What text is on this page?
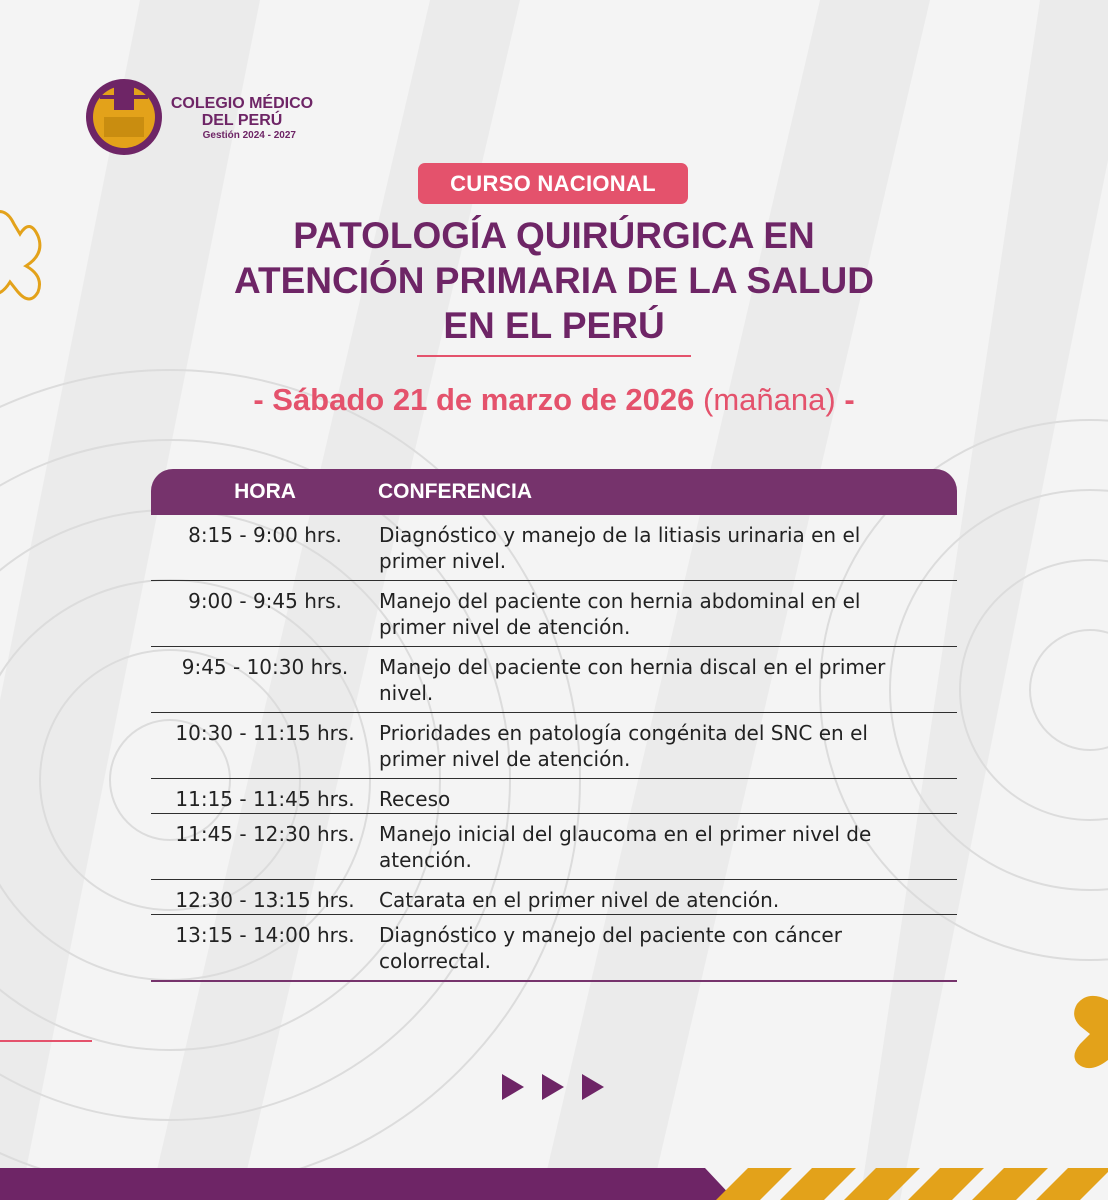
COLEGIO MÉDICO
DEL PERÚ
Gestión 2024 - 2027
CURSO NACIONAL
PATOLOGÍA QUIRÚRGICA EN
ATENCIÓN PRIMARIA DE LA SALUD
EN EL PERÚ
- Sábado 21 de marzo de 2026 (mañana) -
HORA	CONFERENCIA
8:15 - 9:00 hrs.	Diagnóstico y manejo de la litiasis urinaria en el primer nivel.
9:00 - 9:45 hrs.	Manejo del paciente con hernia abdominal en el primer nivel de atención.
9:45 - 10:30 hrs.	Manejo del paciente con hernia discal en el primer nivel.
10:30 - 11:15 hrs.	Prioridades en patología congénita del SNC en el primer nivel de atención.
11:15 - 11:45 hrs.	Receso
11:45 - 12:30 hrs.	Manejo inicial del glaucoma en el primer nivel de atención.
12:30 - 13:15 hrs.	Catarata en el primer nivel de atención.
13:15 - 14:00 hrs.	Diagnóstico y manejo del paciente con cáncer colorrectal.
